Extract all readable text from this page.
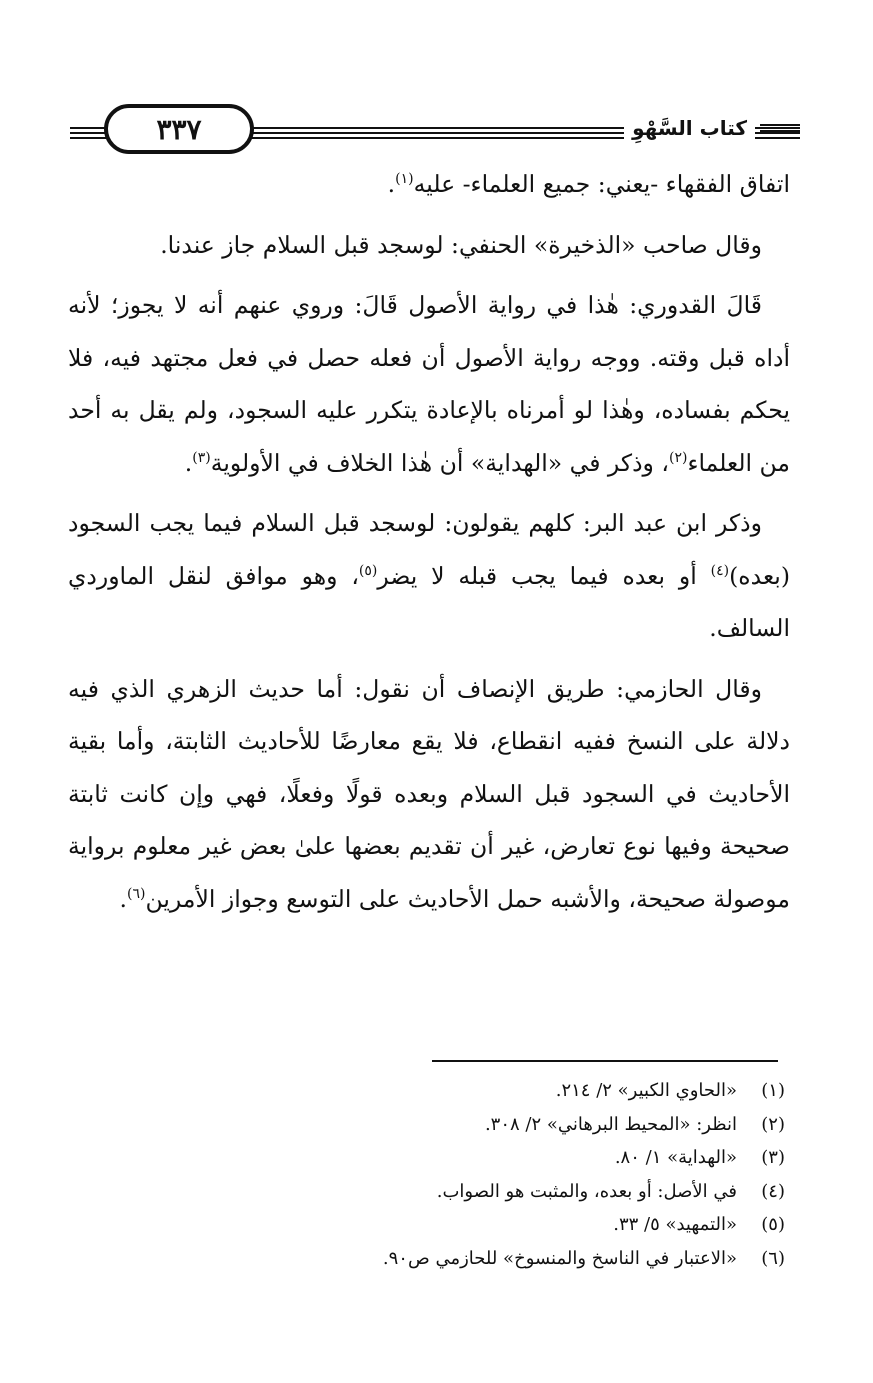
٣٣٧	كتاب السَّهْوِ

اتفاق الفقهاء -يعني: جميع العلماء- عليه$^{(١)}$.

وقال صاحب «الذخيرة» الحنفي: لوسجد قبل السلام جاز عندنا.

قَالَ القدوري: هٰذا في رواية الأصول قَالَ: وروي عنهم أنه لا يجوز؛ لأنه أداه قبل وقته. ووجه رواية الأصول أن فعله حصل في فعل مجتهد فيه، فلا يحكم بفساده، وهٰذا لو أمرناه بالإعادة يتكرر عليه السجود، ولم يقل به أحد من العلماء$^{(٢)}$، وذكر في «الهداية» أن هٰذا الخلاف في الأولوية$^{(٣)}$.

وذكر ابن عبد البر: كلهم يقولون: لوسجد قبل السلام فيما يجب السجود (بعده)$^{(٤)}$ أو بعده فيما يجب قبله لا يضر$^{(٥)}$، وهو موافق لنقل الماوردي السالف.

وقال الحازمي: طريق الإنصاف أن نقول: أما حديث الزهري الذي فيه دلالة على النسخ ففيه انقطاع، فلا يقع معارضًا للأحاديث الثابتة، وأما بقية الأحاديث في السجود قبل السلام وبعده قولًا وفعلًا، فهي وإن كانت ثابتة صحيحة وفيها نوع تعارض، غير أن تقديم بعضها علىٰ بعض غير معلوم برواية موصولة صحيحة، والأشبه حمل الأحاديث على التوسع وجواز الأمرين$^{(٦)}$.

(١)
«الحاوي الكبير» ٢/ ٢١٤.
(٢)
انظر: «المحيط البرهاني» ٢/ ٣٠٨.
(٣)
«الهداية» ١/ ٨٠.
(٤)
في الأصل: أو بعده، والمثبت هو الصواب.
(٥)
«التمهيد» ٥/ ٣٣.
(٦)
«الاعتبار في الناسخ والمنسوخ» للحازمي ص٩٠.
